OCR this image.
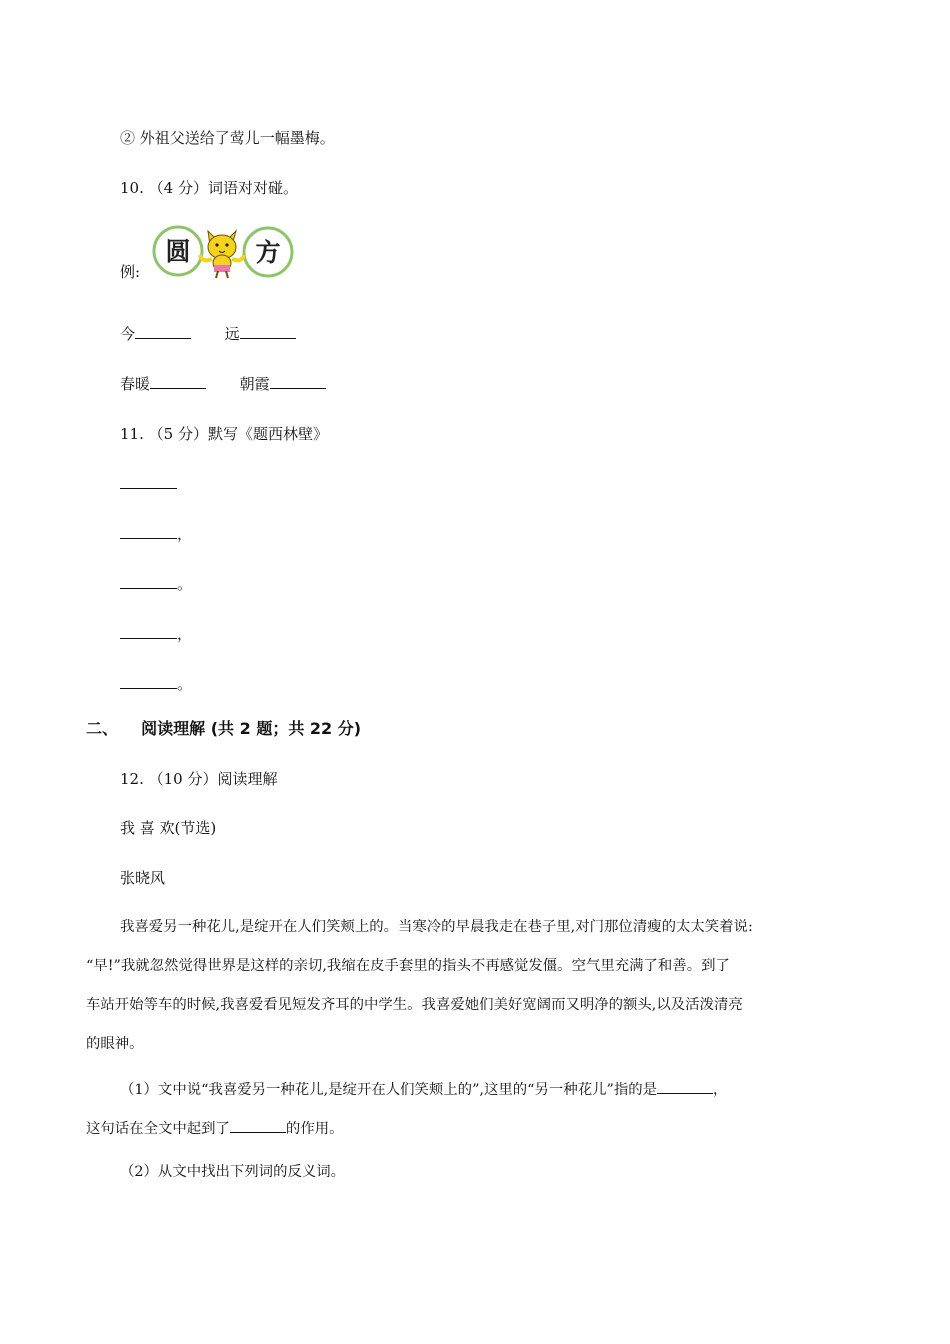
② 外祖父送给了莺儿一幅墨梅。
10. （4 分）词语对对碰。
例:
圆	方
今	远
春暖	朝霞
11. （5 分）默写《题西林壁》
，
。
，
。
二、 阅读理解 (共 2 题；共 22 分)
12. （10 分）阅读理解
我 喜 欢(节选)
张晓风
我喜爱另一种花儿,是绽开在人们笑颊上的。当寒冷的早晨我走在巷子里,对门那位清瘦的太太笑着说:
“早!”我就忽然觉得世界是这样的亲切,我缩在皮手套里的指头不再感觉发僵。空气里充满了和善。到了
车站开始等车的时候,我喜爱看见短发齐耳的中学生。我喜爱她们美好宽阔而又明净的额头,以及活泼清亮
的眼神。
（1）文中说“我喜爱另一种花儿,是绽开在人们笑颊上的”,这里的“另一种花儿”指的是	，
这句话在全文中起到了	的作用。
（2）从文中找出下列词的反义词。
